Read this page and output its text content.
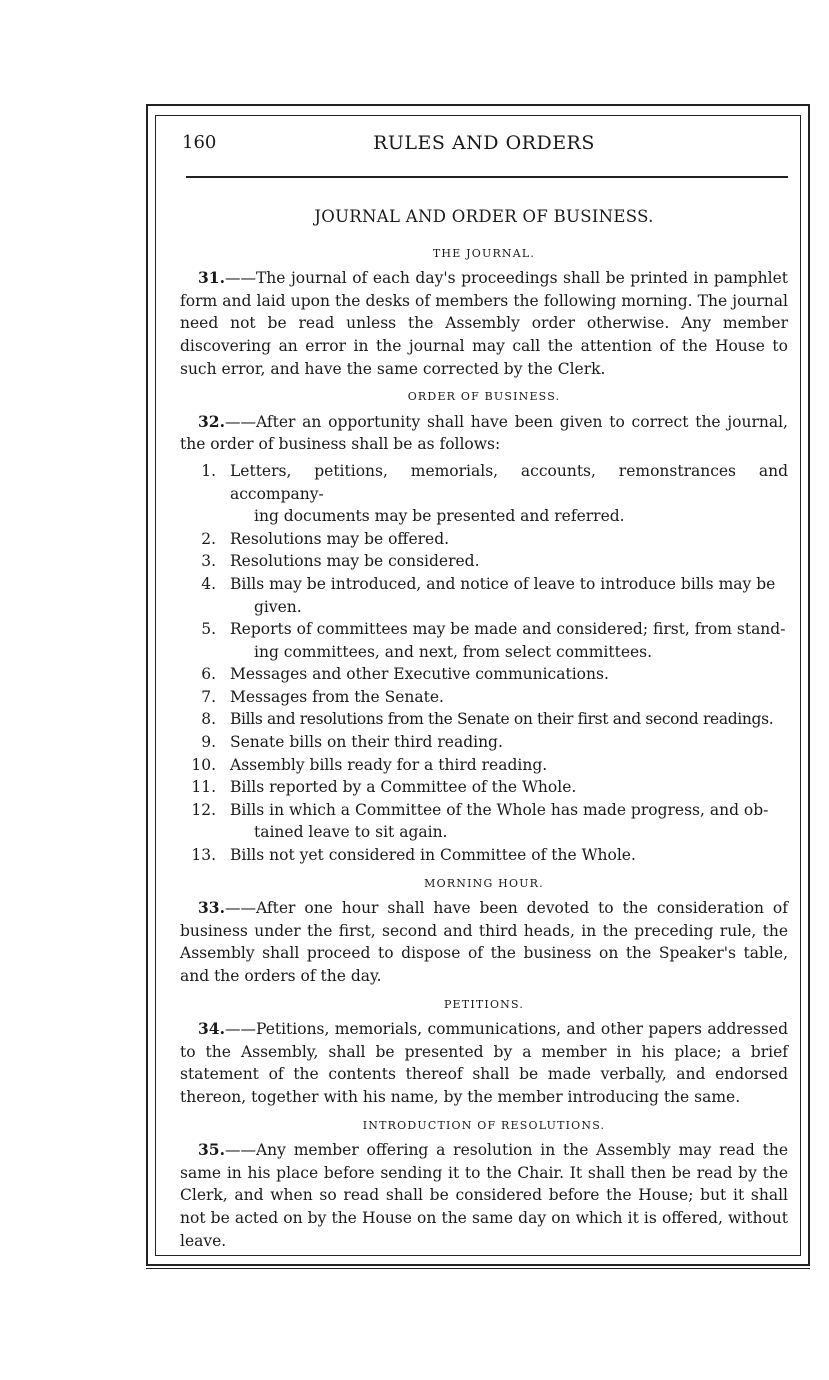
160	RULES AND ORDERS
JOURNAL AND ORDER OF BUSINESS.
THE JOURNAL.

31.——The journal of each day's proceedings shall be printed in pamphlet form and laid upon the desks of members the following morning. The journal need not be read unless the Assembly order otherwise. Any member discovering an error in the journal may call the attention of the House to such error, and have the same corrected by the Clerk.

ORDER OF BUSINESS.

32.——After an opportunity shall have been given to correct the journal, the order of business shall be as follows:

1. Letters, petitions, memorials, accounts, remonstrances and accompany-
ing documents may be presented and referred.
2. Resolutions may be offered.
3. Resolutions may be considered.
4. Bills may be introduced, and notice of leave to introduce bills may be
given.
5. Reports of committees may be made and considered; first, from stand-
ing committees, and next, from select committees.
6. Messages and other Executive communications.
7. Messages from the Senate.
8. Bills and resolutions from the Senate on their first and second readings.
9. Senate bills on their third reading.
10. Assembly bills ready for a third reading.
11. Bills reported by a Committee of the Whole.
12. Bills in which a Committee of the Whole has made progress, and ob-
tained leave to sit again.
13. Bills not yet considered in Committee of the Whole.
MORNING HOUR.

33.——After one hour shall have been devoted to the consideration of business under the first, second and third heads, in the preceding rule, the Assembly shall proceed to dispose of the business on the Speaker's table, and the orders of the day.

PETITIONS.

34.——Petitions, memorials, communications, and other papers addressed to the Assembly, shall be presented by a member in his place; a brief statement of the contents thereof shall be made verbally, and endorsed thereon, together with his name, by the member introducing the same.

INTRODUCTION OF RESOLUTIONS.

35.——Any member offering a resolution in the Assembly may read the same in his place before sending it to the Chair. It shall then be read by the Clerk, and when so read shall be considered before the House; but it shall not be acted on by the House on the same day on which it is offered, without leave.
